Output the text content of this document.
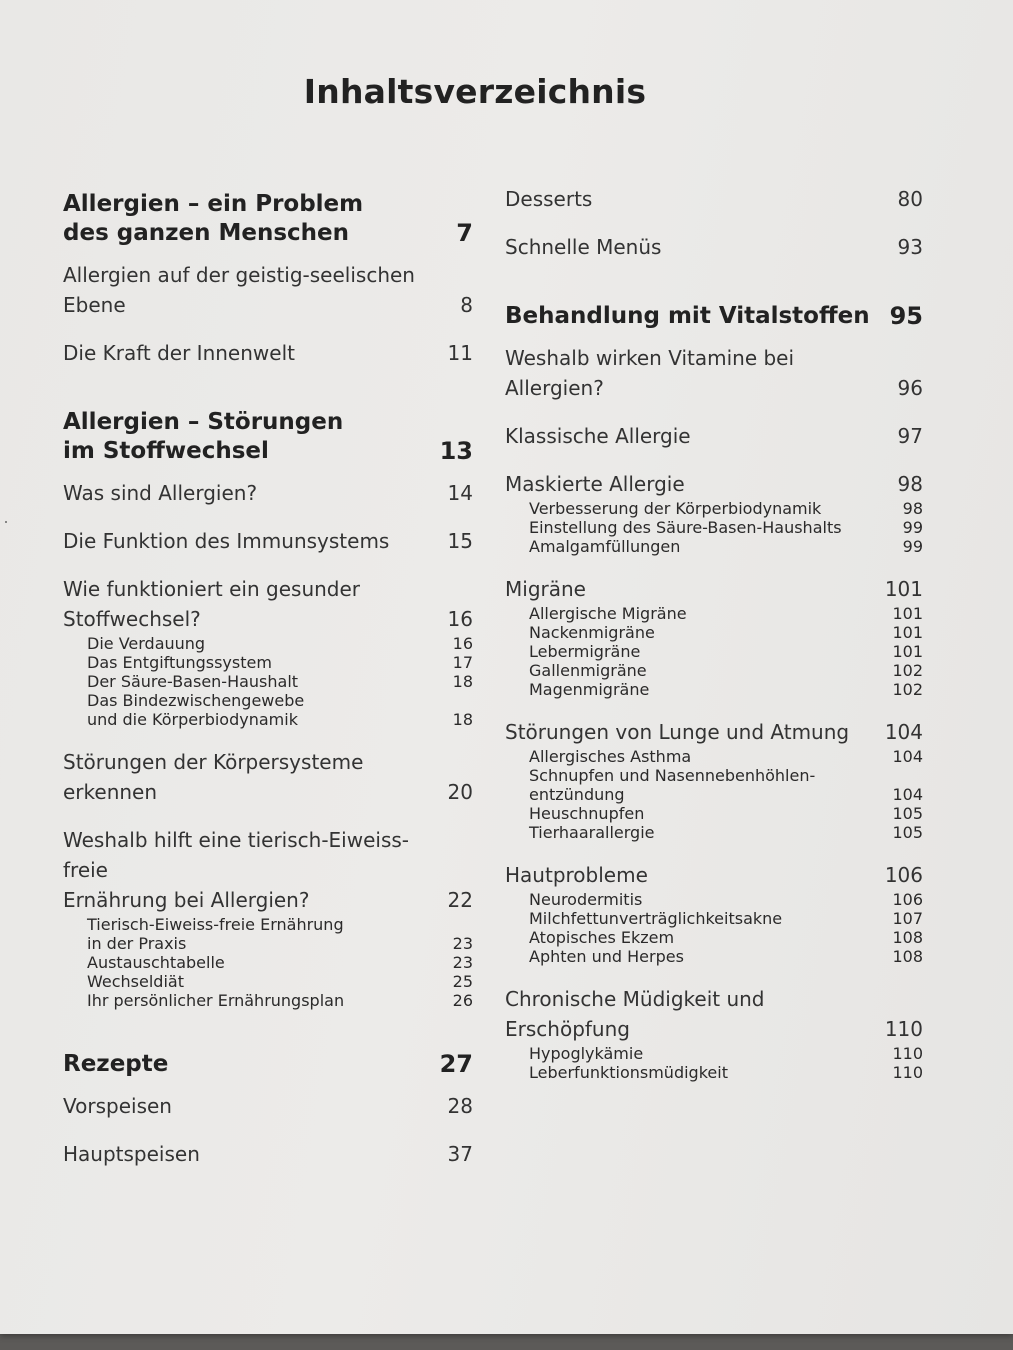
Inhaltsverzeichnis
Allergien – ein Problem
des ganzen Menschen	7
Allergien auf der geistig-seelischen
Ebene	8
Die Kraft der Innenwelt	11
Allergien – Störungen
im Stoffwechsel	13
Was sind Allergien?	14
Die Funktion des Immunsystems	15
Wie funktioniert ein gesunder
Stoffwechsel?	16
Die Verdauung	16
Das Entgiftungssystem	17
Der Säure-Basen-Haushalt	18
Das Bindezwischengewebe
und die Körperbiodynamik	18
Störungen der Körpersysteme
erkennen	20
Weshalb hilft eine tierisch-Eiweiss-freie
Ernährung bei Allergien?	22
Tierisch-Eiweiss-freie Ernährung
in der Praxis	23
Austauschtabelle	23
Wechseldiät	25
Ihr persönlicher Ernährungsplan	26
Rezepte	27
Vorspeisen	28
Hauptspeisen	37
Desserts	80
Schnelle Menüs	93
Behandlung mit Vitalstoffen 95
Weshalb wirken Vitamine bei
Allergien?	96
Klassische Allergie	97
Maskierte Allergie	98
Verbesserung der Körperbiodynamik	98
Einstellung des Säure-Basen-Haushalts	99
Amalgamfüllungen	99
Migräne	101
Allergische Migräne	101
Nackenmigräne	101
Lebermigräne	101
Gallenmigräne	102
Magenmigräne	102
Störungen von Lunge und Atmung	104
Allergisches Asthma	104
Schnupfen und Nasennebenhöhlen-
entzündung	104
Heuschnupfen	105
Tierhaarallergie	105
Hautprobleme	106
Neurodermitis	106
Milchfettunverträglichkeitsakne	107
Atopisches Ekzem	108
Aphten und Herpes	108
Chronische Müdigkeit und Erschöpfung	110
Hypoglykämie	110
Leberfunktionsmüdigkeit	110
